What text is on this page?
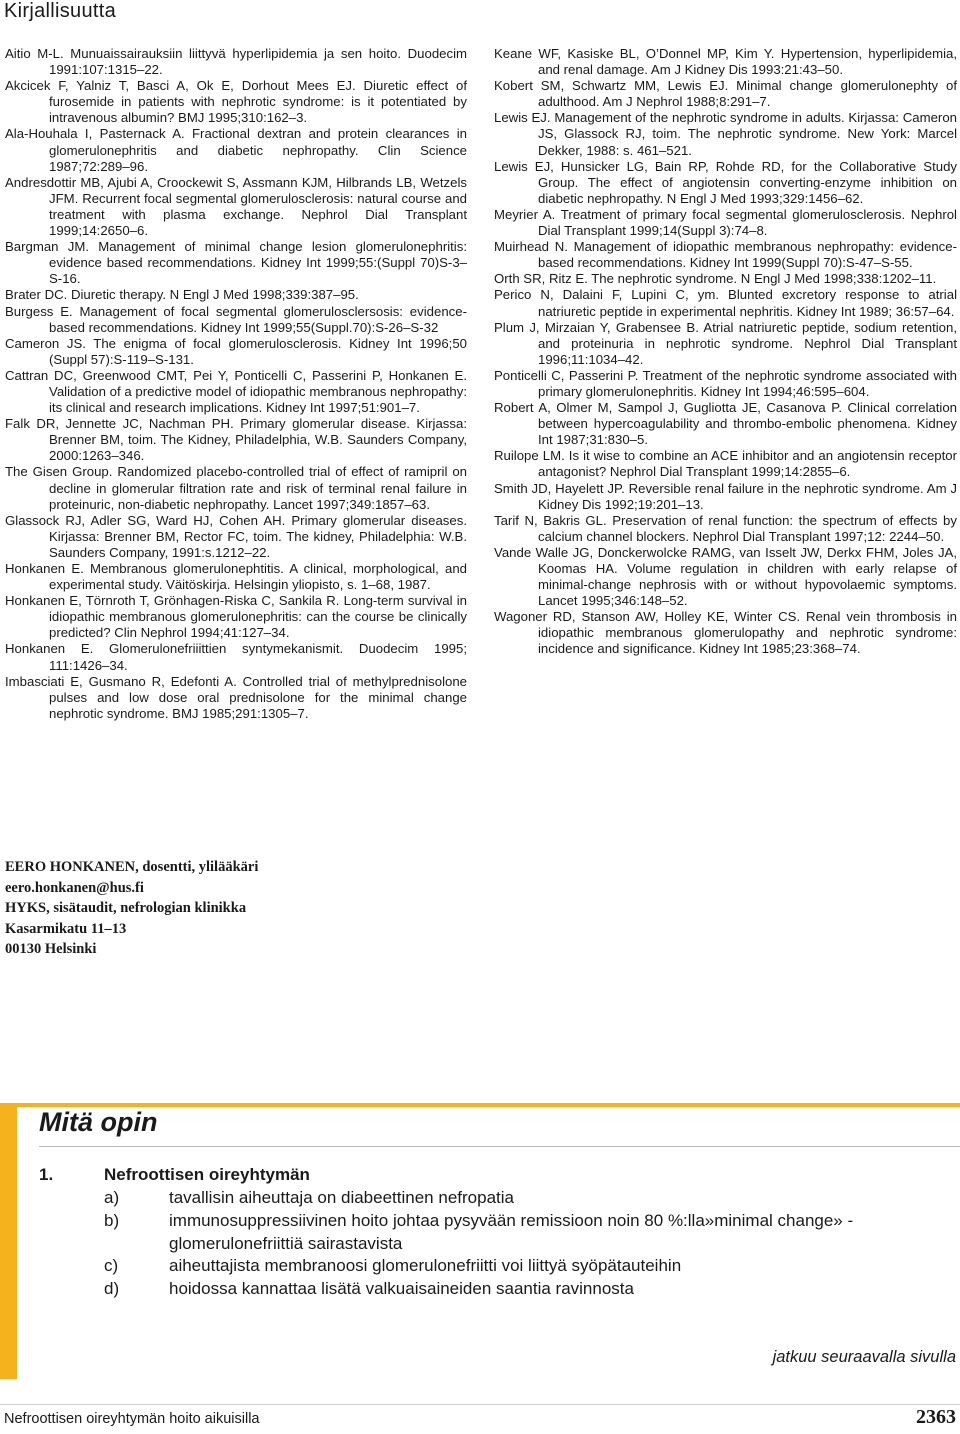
Kirjallisuutta
Aitio M-L. Munuaissairauksiin liittyvä hyperlipidemia ja sen hoito. Duodecim 1991:107:1315–22.
Akcicek F, Yalniz T, Basci A, Ok E, Dorhout Mees EJ. Diuretic effect of furosemide in patients with nephrotic syndrome: is it potentiated by intravenous albumin? BMJ 1995;310:162–3.
Ala-Houhala I, Pasternack A. Fractional dextran and protein clearances in glomerulonephritis and diabetic nephropathy. Clin Science 1987;72:289–96.
Andresdottir MB, Ajubi A, Croockewit S, Assmann KJM, Hilbrands LB, Wetzels JFM. Recurrent focal segmental glomerulosclerosis: natural course and treatment with plasma exchange. Nephrol Dial Transplant 1999;14:2650–6.
Bargman JM. Management of minimal change lesion glomerulonephritis: evidence based recommendations. Kidney Int 1999;55:(Suppl 70)S-3–S-16.
Brater DC. Diuretic therapy. N Engl J Med 1998;339:387–95.
Burgess E. Management of focal segmental glomerulosclersosis: evidence-based recommendations. Kidney Int 1999;55(Suppl.70):S-26–S-32
Cameron JS. The enigma of focal glomerulosclerosis. Kidney Int 1996;50 (Suppl 57):S-119–S-131.
Cattran DC, Greenwood CMT, Pei Y, Ponticelli C, Passerini P, Honkanen E. Validation of a predictive model of idiopathic membranous nephropathy: its clinical and research implications. Kidney Int 1997;51:901–7.
Falk DR, Jennette JC, Nachman PH. Primary glomerular disease. Kirjassa: Brenner BM, toim. The Kidney, Philadelphia, W.B. Saunders Company, 2000:1263–346.
The Gisen Group. Randomized placebo-controlled trial of effect of ramipril on decline in glomerular filtration rate and risk of terminal renal failure in proteinuric, non-diabetic nephropathy. Lancet 1997;349:1857–63.
Glassock RJ, Adler SG, Ward HJ, Cohen AH. Primary glomerular diseases. Kirjassa: Brenner BM, Rector FC, toim. The kidney, Philadelphia: W.B. Saunders Company, 1991:s.1212–22.
Honkanen E. Membranous glomerulonephtitis. A clinical, morphological, and experimental study. Väitöskirja. Helsingin yliopisto, s. 1–68, 1987.
Honkanen E, Törnroth T, Grönhagen-Riska C, Sankila R. Long-term survival in idiopathic membranous glomerulonephritis: can the course be clinically predicted? Clin Nephrol 1994;41:127–34.
Honkanen E. Glomerulonefriiittien syntymekanismit. Duodecim 1995; 111:1426–34.
Imbasciati E, Gusmano R, Edefonti A. Controlled trial of methylprednisolone pulses and low dose oral prednisolone for the minimal change nephrotic syndrome. BMJ 1985;291:1305–7.
Keane WF, Kasiske BL, O’Donnel MP, Kim Y. Hypertension, hyperlipidemia, and renal damage. Am J Kidney Dis 1993:21:43–50.
Kobert SM, Schwartz MM, Lewis EJ. Minimal change glomerulonephty of adulthood. Am J Nephrol 1988;8:291–7.
Lewis EJ. Management of the nephrotic syndrome in adults. Kirjassa: Cameron JS, Glassock RJ, toim. The nephrotic syndrome. New York: Marcel Dekker, 1988: s. 461–521.
Lewis EJ, Hunsicker LG, Bain RP, Rohde RD, for the Collaborative Study Group. The effect of angiotensin converting-enzyme inhibition on diabetic nephropathy. N Engl J Med 1993;329:1456–62.
Meyrier A. Treatment of primary focal segmental glomerulosclerosis. Nephrol Dial Transplant 1999;14(Suppl 3):74–8.
Muirhead N. Management of idiopathic membranous nephropathy: evidence-based recommendations. Kidney Int 1999(Suppl 70):S-47–S-55.
Orth SR, Ritz E. The nephrotic syndrome. N Engl J Med 1998;338:1202–11.
Perico N, Dalaini F, Lupini C, ym. Blunted excretory response to atrial natriuretic peptide in experimental nephritis. Kidney Int 1989; 36:57–64.
Plum J, Mirzaian Y, Grabensee B. Atrial natriuretic peptide, sodium retention, and proteinuria in nephrotic syndrome. Nephrol Dial Transplant 1996;11:1034–42.
Ponticelli C, Passerini P. Treatment of the nephrotic syndrome associated with primary glomerulonephritis. Kidney Int 1994;46:595–604.
Robert A, Olmer M, Sampol J, Gugliotta JE, Casanova P. Clinical correlation between hypercoagulability and thrombo-embolic phenomena. Kidney Int 1987;31:830–5.
Ruilope LM. Is it wise to combine an ACE inhibitor and an angiotensin receptor antagonist? Nephrol Dial Transplant 1999;14:2855–6.
Smith JD, Hayelett JP. Reversible renal failure in the nephrotic syndrome. Am J Kidney Dis 1992;19:201–13.
Tarif N, Bakris GL. Preservation of renal function: the spectrum of effects by calcium channel blockers. Nephrol Dial Transplant 1997;12: 2244–50.
Vande Walle JG, Donckerwolcke RAMG, van Isselt JW, Derkx FHM, Joles JA, Koomas HA. Volume regulation in children with early relapse of minimal-change nephrosis with or without hypovolaemic symptoms. Lancet 1995;346:148–52.
Wagoner RD, Stanson AW, Holley KE, Winter CS. Renal vein thrombosis in idiopathic membranous glomerulopathy and nephrotic syndrome: incidence and significance. Kidney Int 1985;23:368–74.
EERO HONKANEN, dosentti, ylilääkäri
eero.honkanen@hus.fi
HYKS, sisätaudit, nefrologian klinikka
Kasarmikatu 11–13
00130 Helsinki
Mitä opin
1.	Nefroottisen oireyhtymän
a)	tavallisin aiheuttaja on diabeettinen nefropatia
b)	immunosuppressiivinen hoito johtaa pysyvään remissioon noin 80 %:lla»minimal change» -glomerulonefriittiä sairastavista
c)	aiheuttajista membranoosi glomerulonefriitti voi liittyä syöpätauteihin
d)	hoidossa kannattaa lisätä valkuaisaineiden saantia ravinnosta
jatkuu seuraavalla sivulla
Nefroottisen oireyhtymän hoito aikuisilla	2363
